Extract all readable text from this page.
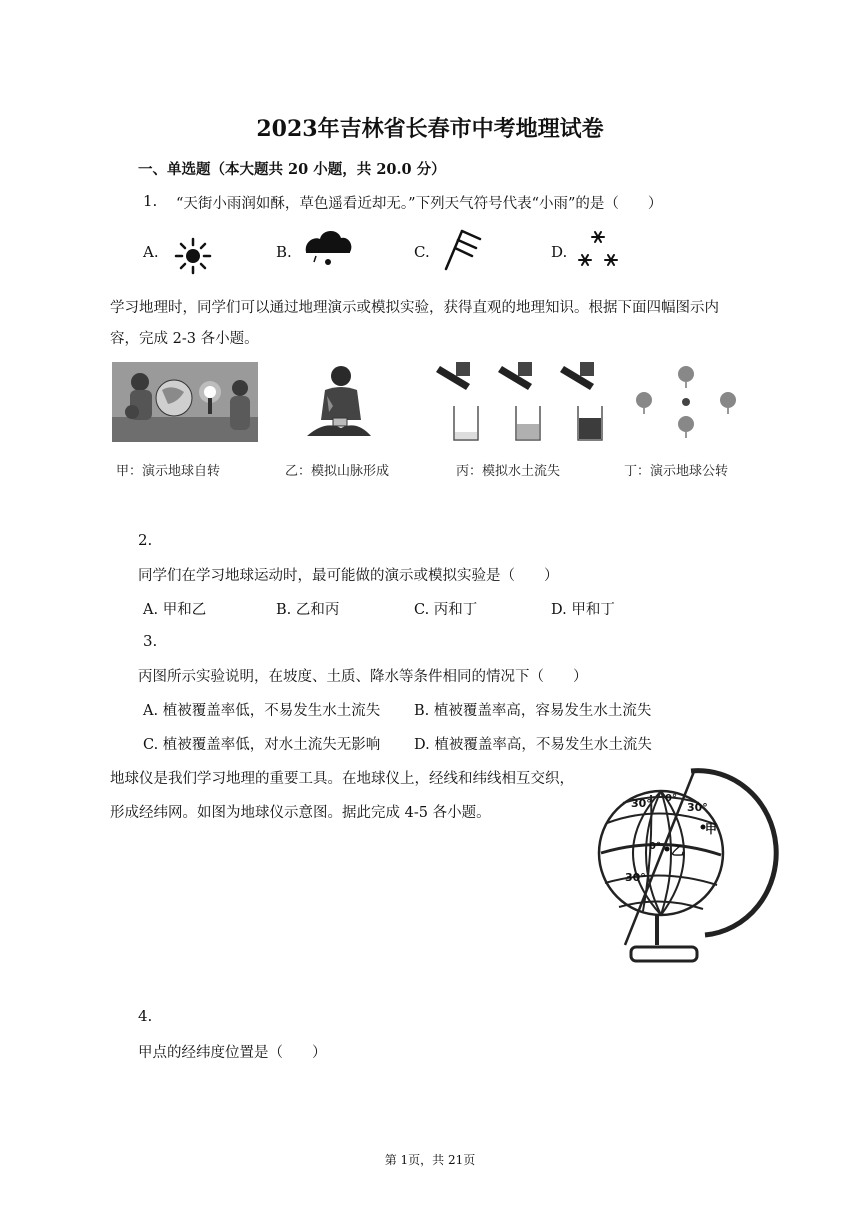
2023年吉林省长春市中考地理试卷
一、单选题（本大题共 20 小题，共 20.0 分）
1. “天街小雨润如酥，草色遥看近却无。”下列天气符号代表“小雨”的是（　　）
A.	B.	C.	D.
学习地理时，同学们可以通过地理演示或模拟实验，获得直观的地理知识。根据下面四幅图示内
容，完成 2-3 各小题。
甲：演示地球自转	乙：模拟山脉形成	丙：模拟水土流失	丁：演示地球公转
2.
同学们在学习地球运动时，最可能做的演示或模拟实验是（　　）
A. 甲和乙	B. 乙和丙	C. 丙和丁	D. 甲和丁
3.
丙图所示实验说明，在坡度、土质、降水等条件相同的情况下（　　）
A. 植被覆盖率低，不易发生水土流失 B. 植被覆盖率高，容易发生水土流失
C. 植被覆盖率低，对水土流失无影响 D. 植被覆盖率高，不易发生水土流失
地球仪是我们学习地理的重要工具。在地球仪上，经线和纬线相互交织，
形成经纬网。如图为地球仪示意图。据此完成 4-5 各小题。
30° 0°
30°
甲
0° 乙
30°
4.
甲点的经纬度位置是（　　）
第 1页，共 21页
